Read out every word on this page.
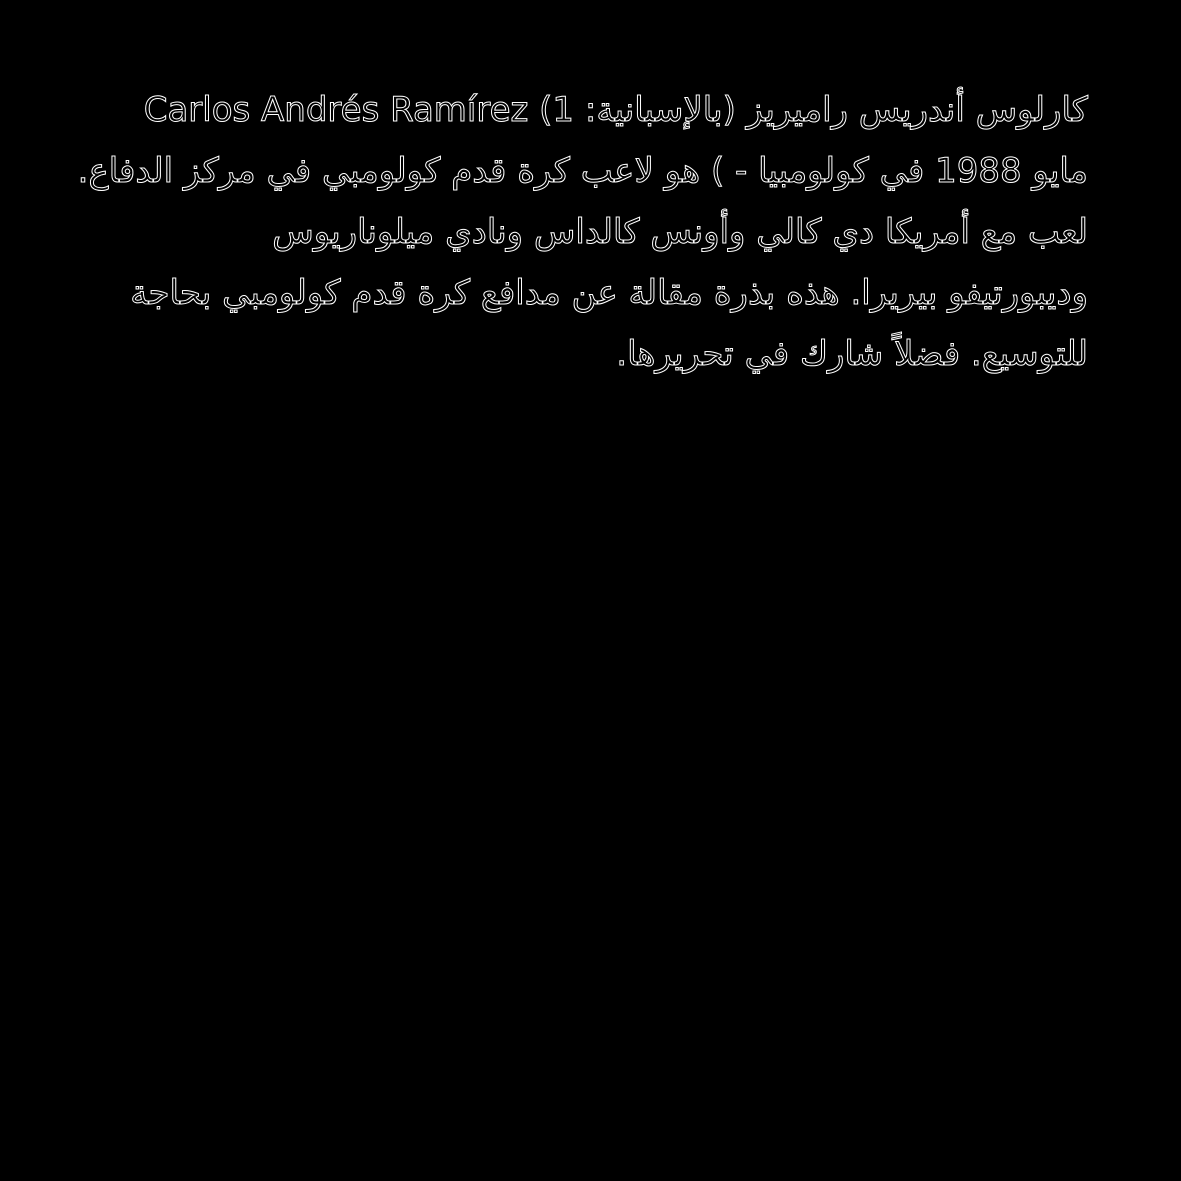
كارلوس أندريس راميريز (بالإسبانية: Carlos Andrés Ramírez (1
مايو 1988 في كولومبيا - ) هو لاعب كرة قدم كولومبي في مركز الدفاع.
لعب مع أمريكا دي كالي وأونس كالداس ونادي ميلوناريوس
وديبورتيفو بيريرا. هذه بذرة مقالة عن مدافع كرة قدم كولومبي بحاجة
للتوسيع. فضلاً شارك في تحريرها.
